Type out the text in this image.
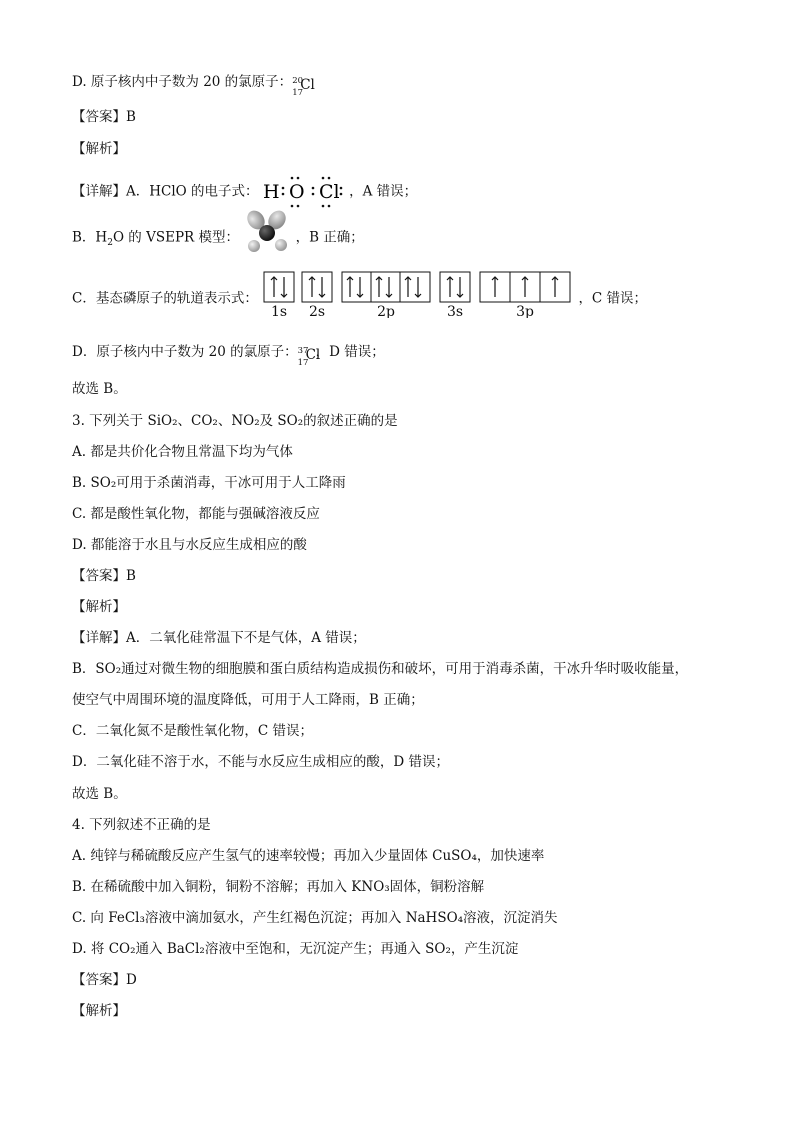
D. 原子核内中子数为 20 的氯原子： 20
17
Cl
【答案】B
【解析】
【详解】A．HClO 的电子式： H O Cl ，A 错误；
B．$H_2O$ 的 VSEPR 模型：	，B 正确；
C．基态磷原子的轨道表示式：
1s 2s	2p	3s	3p
，C 错误；
D．原子核内中子数为 20 的氯原子： 37
17
Cl
，D 错误；
故选 B。
3. 下列关于 SiO₂、CO₂、NO₂及 SO₂的叙述正确的是
A. 都是共价化合物且常温下均为气体
B. SO₂可用于杀菌消毒，干冰可用于人工降雨
C. 都是酸性氧化物，都能与强碱溶液反应
D. 都能溶于水且与水反应生成相应的酸
【答案】B
【解析】
【详解】A．二氧化硅常温下不是气体，A 错误；
B．SO₂通过对微生物的细胞膜和蛋白质结构造成损伤和破坏，可用于消毒杀菌，干冰升华时吸收能量，
使空气中周围环境的温度降低，可用于人工降雨，B 正确；
C．二氧化氮不是酸性氧化物，C 错误；
D．二氧化硅不溶于水，不能与水反应生成相应的酸，D 错误；
故选 B。
4. 下列叙述不正确的是
A. 纯锌与稀硫酸反应产生氢气的速率较慢；再加入少量固体 CuSO₄，加快速率
B. 在稀硫酸中加入铜粉，铜粉不溶解；再加入 KNO₃固体，铜粉溶解
C. 向 FeCl₃溶液中滴加氨水，产生红褐色沉淀；再加入 NaHSO₄溶液，沉淀消失
D. 将 CO₂通入 BaCl₂溶液中至饱和，无沉淀产生；再通入 SO₂，产生沉淀
【答案】D
【解析】
